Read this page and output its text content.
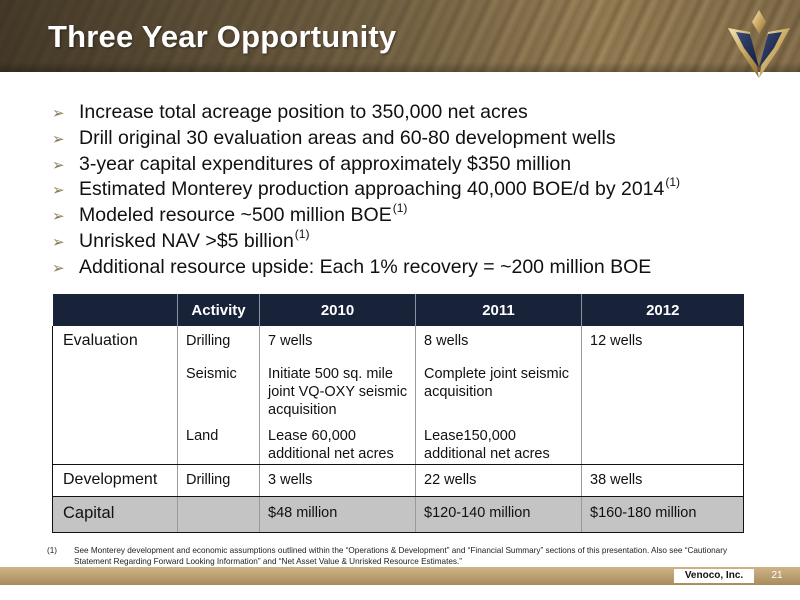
Three Year Opportunity
➢ Increase total acreage position to 350,000 net acres
➢ Drill original 30 evaluation areas and 60-80 development wells
➢ 3-year capital expenditures of approximately $350 million
➢ Estimated Monterey production approaching 40,000 BOE/d by 2014 (1)
➢ Modeled resource ~500 million BOE (1)
➢ Unrisked NAV >$5 billion (1)
➢ Additional resource upside: Each 1% recovery = ~200 million BOE
	Activity	2010	2011	2012
Evaluation	Drilling	7 wells	8 wells	12 wells
	Seismic	Initiate 500 sq. mile joint VQ-OXY seismic acquisition	Complete joint seismic acquisition	
	Land	Lease 60,000 additional net acres	Lease150,000 additional net acres	
Development	Drilling	3 wells	22 wells	38 wells
Capital		$48 million	$120-140 million	$160-180 million
(1)	See Monterey development and economic assumptions outlined within the “Operations & Development” and “Financial Summary” sections of this presentation. Also see “Cautionary Statement Regarding Forward Looking Information” and “Net Asset Value & Unrisked Resource Estimates.”
Venoco, Inc.	21
